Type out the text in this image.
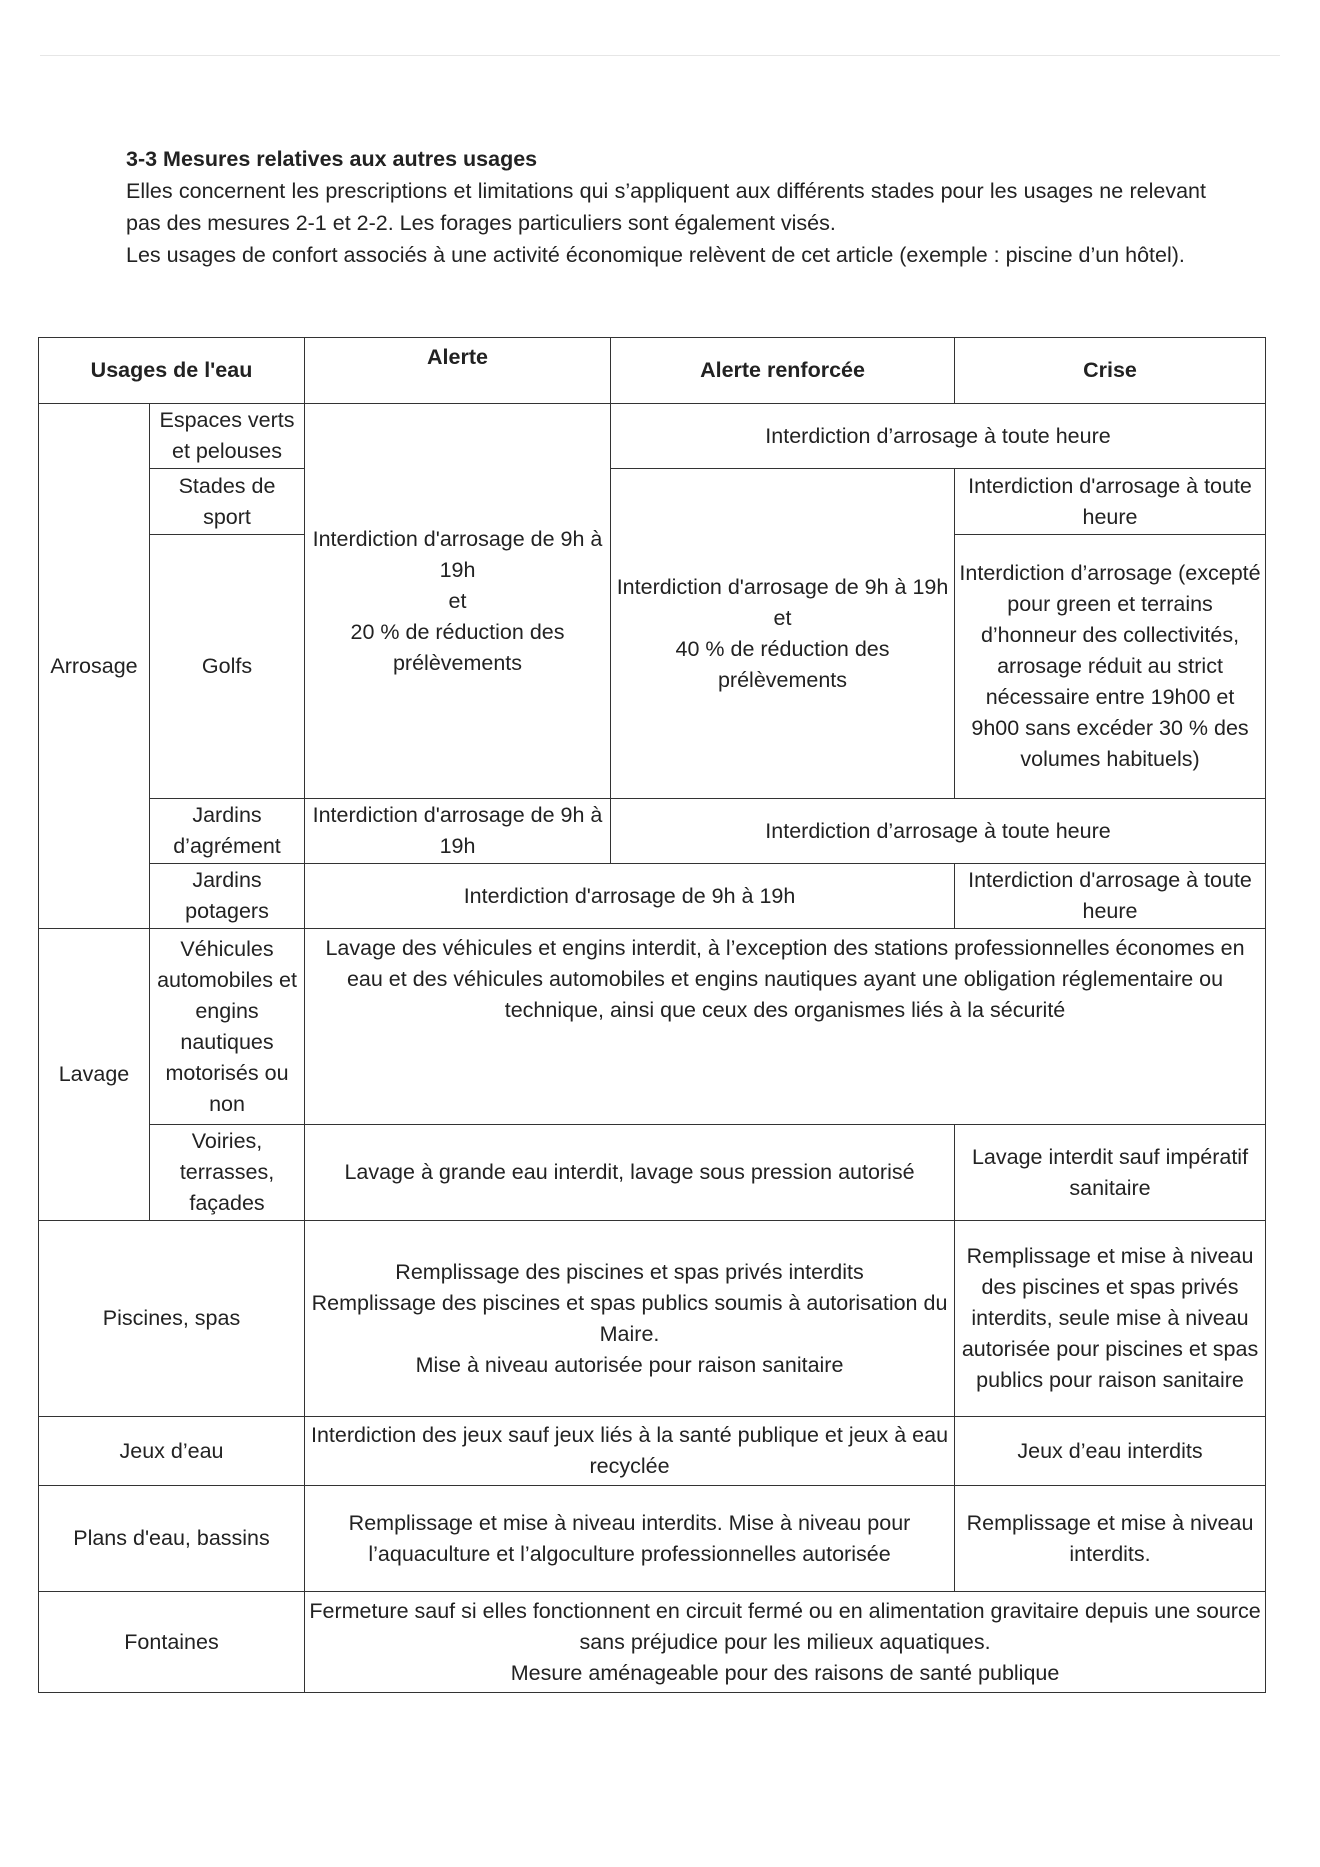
3-3 Mesures relatives aux autres usages

Elles concernent les prescriptions et limitations qui s’appliquent aux différents stades pour les usages ne relevant pas des mesures 2-1 et 2-2. Les forages particuliers sont également visés.

Les usages de confort associés à une activité économique relèvent de cet article (exemple : piscine d’un hôtel).

Usages de l'eau		Alerte	Alerte renforcée	Crise
Arrosage	Espaces verts et pelouses	Interdiction d'arrosage de 9h à 19h
et
20 % de réduction des prélèvements	Interdiction d’arrosage à toute heure	
	Stades de sport		Interdiction d'arrosage de 9h à 19h
et
40 % de réduction des prélèvements	Interdiction d'arrosage à toute heure
	Golfs			Interdiction d’arrosage (excepté pour green et terrains d’honneur des collectivités, arrosage réduit au strict nécessaire entre 19h00 et 9h00 sans excéder 30 % des volumes habituels)
	Jardins d’agrément	Interdiction d'arrosage de 9h à 19h	Interdiction d’arrosage à toute heure	
	Jardins potagers	Interdiction d'arrosage de 9h à 19h		Interdiction d'arrosage à toute heure
Lavage	Véhicules automobiles et engins nautiques motorisés ou non	Lavage des véhicules et engins interdit, à l’exception des stations professionnelles économes en eau et des véhicules automobiles et engins nautiques ayant une obligation réglementaire ou technique, ainsi que ceux des organismes liés à la sécurité		
	Voiries, terrasses, façades	Lavage à grande eau interdit, lavage sous pression autorisé		Lavage interdit sauf impératif sanitaire
Piscines, spas		Remplissage des piscines et spas privés interdits
Remplissage des piscines et spas publics soumis à autorisation du Maire.
Mise à niveau autorisée pour raison sanitaire		Remplissage et mise à niveau des piscines et spas privés interdits, seule mise à niveau autorisée pour piscines et spas publics pour raison sanitaire
Jeux d’eau		Interdiction des jeux sauf jeux liés à la santé publique et jeux à eau recyclée		Jeux d’eau interdits
Plans d'eau, bassins		Remplissage et mise à niveau interdits. Mise à niveau pour l’aquaculture et l’algoculture professionnelles autorisée		Remplissage et mise à niveau interdits.
Fontaines		Fermeture sauf si elles fonctionnent en circuit fermé ou en alimentation gravitaire depuis une source sans préjudice pour les milieux aquatiques.
Mesure aménageable pour des raisons de santé publique		
